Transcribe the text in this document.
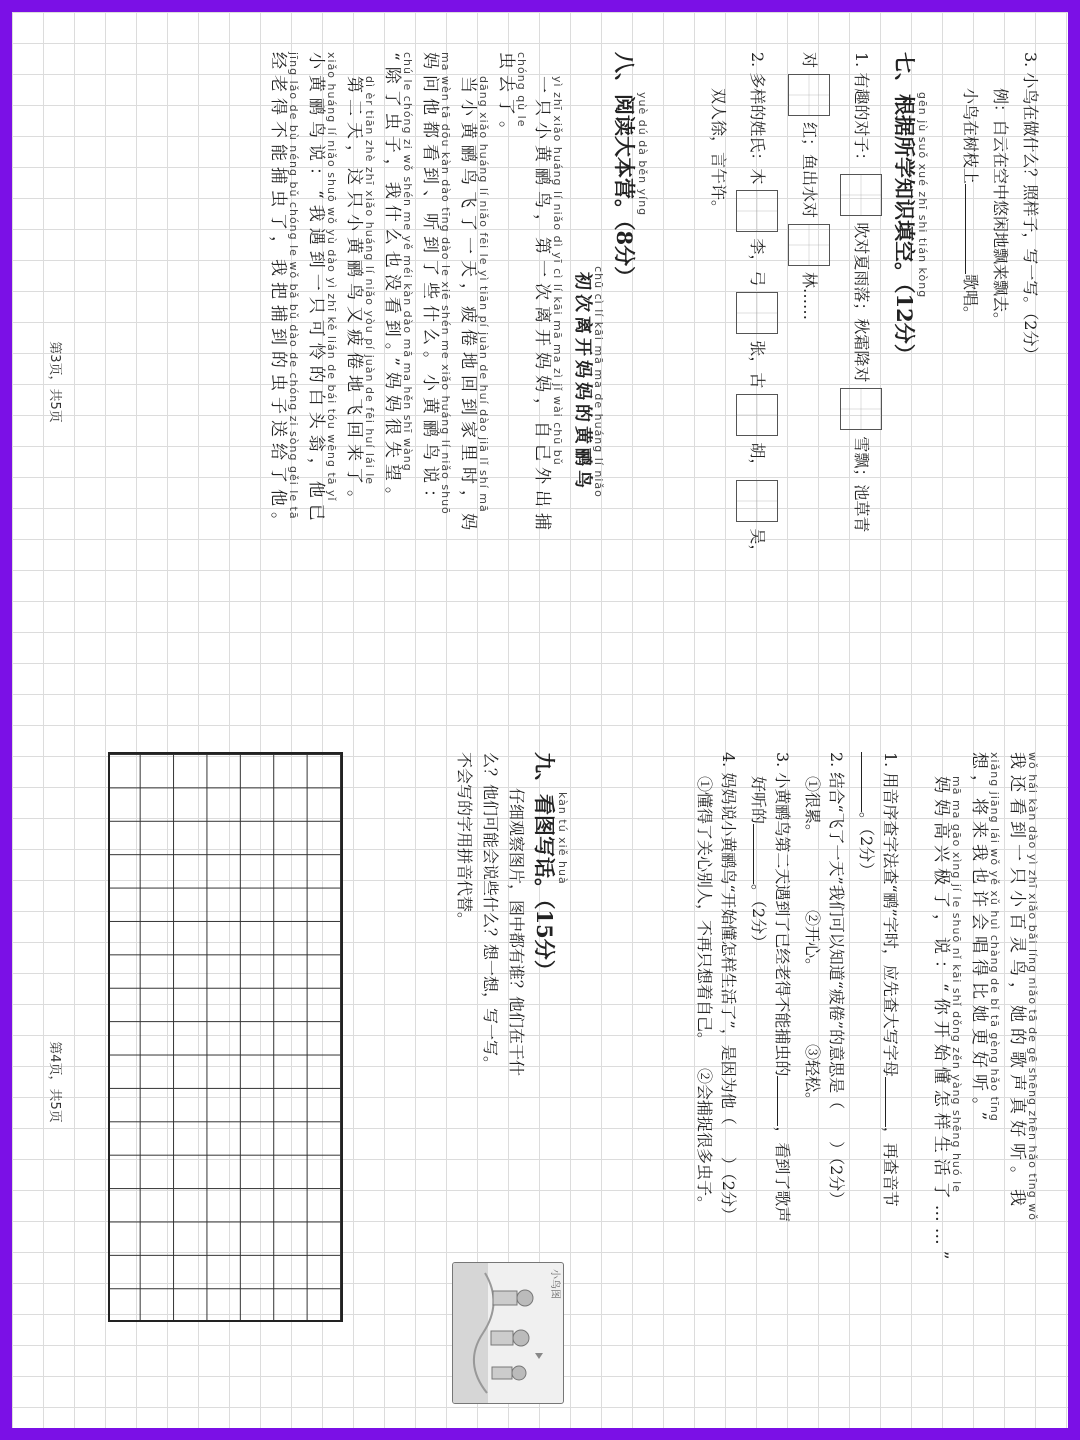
3. 小鸟在做什么？照样子，写一写。（2分）
例：白云在空中悠闲地飘来飘去。
小鸟在树枝上歌唱。
gēn jù suǒ xué zhī shi tián kòng
七、根据所学知识填空。（12分）
1. 有趣的对子：
吹对夏雨落；秋霜降对
雪飘；池草青
对
红；鱼出水对
林……
2. 多样的姓氏：木
李，弓
张，古
胡，
吴，
双人徐，言午许。
yuè dú dà běn yíng
八、阅读大本营。（8分）
chū cì lí kāi mā ma de huáng lí niǎo
初次离开妈妈的黄鹂鸟
yì zhī xiǎo huáng lí niǎo dì yī cì lí kāi mā ma zì jǐ wài chū bǔ
一只小黄鹂鸟，第一次离开妈妈，自己外出捕
chóng qù le
虫去了。
dāng xiǎo huáng lí niǎo fēi le yì tiān pí juàn de huí dào jiā lǐ shí mā
当小黄鹂鸟飞了一天，疲倦地回到家里时，妈
ma wèn tā dōu kàn dào tīng dào le xiē shén me xiǎo huáng lí niǎo shuō
妈问他都看到、听到了些什么。小黄鹂鸟说：
chú le chóng zi wǒ shén me yě méi kàn dào mā ma hěn shī wàng
“除了虫子，我什么也没看到。”妈妈很失望。
dì èr tiān zhè zhī xiǎo huáng lí niǎo yòu pí juàn de fēi huí lái le
第二天，这只小黄鹂鸟又疲倦地飞回来了。
xiǎo huáng lí niǎo shuō wǒ yù dào yì zhī kě lián de bái tóu wēng tā yǐ
小黄鹂鸟说：“我遇到一只可怜的白头翁，他已
jīng lǎo de bù néng bǔ chóng le wǒ bǎ bǔ dào de chóng zi sòng gěi le tā
经老得不能捕虫了，我把捕到的虫子送给了他。
第3页，共5页
wǒ hái kàn dào yì zhī xiǎo bǎi líng niǎo tā de gē shēng zhēn hǎo tīng wǒ
我还看到一只小百灵鸟，她的歌声真好听。我
xiǎng jiāng lái wǒ yě xǔ huì chàng de bǐ tā gèng hǎo tīng
想，将来我也许会唱得比她更好听。”
mā ma gāo xìng jí le shuō nǐ kāi shǐ dǒng zěn yàng shēng huó le
妈妈高兴极了，说：“你开始懂怎样生活了……”
1. 用音序查字法查“鹂”字时，应先查大写字母，再查音节
。（2分）
2. 结合“飞了一天”我们可以知道“疲倦”的意思是（　　）（2分）
①很累。
②开心。
③轻松。
3. 小黄鹂鸟第二天遇到了已经老得不能捕虫的，看到了歌声
好听的。（2分）
4. 妈妈说小黄鹂鸟“开始懂怎样生活了”，是因为他（　　）（2分）
①懂得了关心别人，不再只想着自己。
②会捕捉很多虫子。
kàn tú xiě huà
九、看图写话。（15分）
仔细观察图片，图中都有谁？他们在干什
么？他们可能会说些什么？想一想，写一写。
不会写的字用拼音代替。
小鸟图
第4页，共5页
